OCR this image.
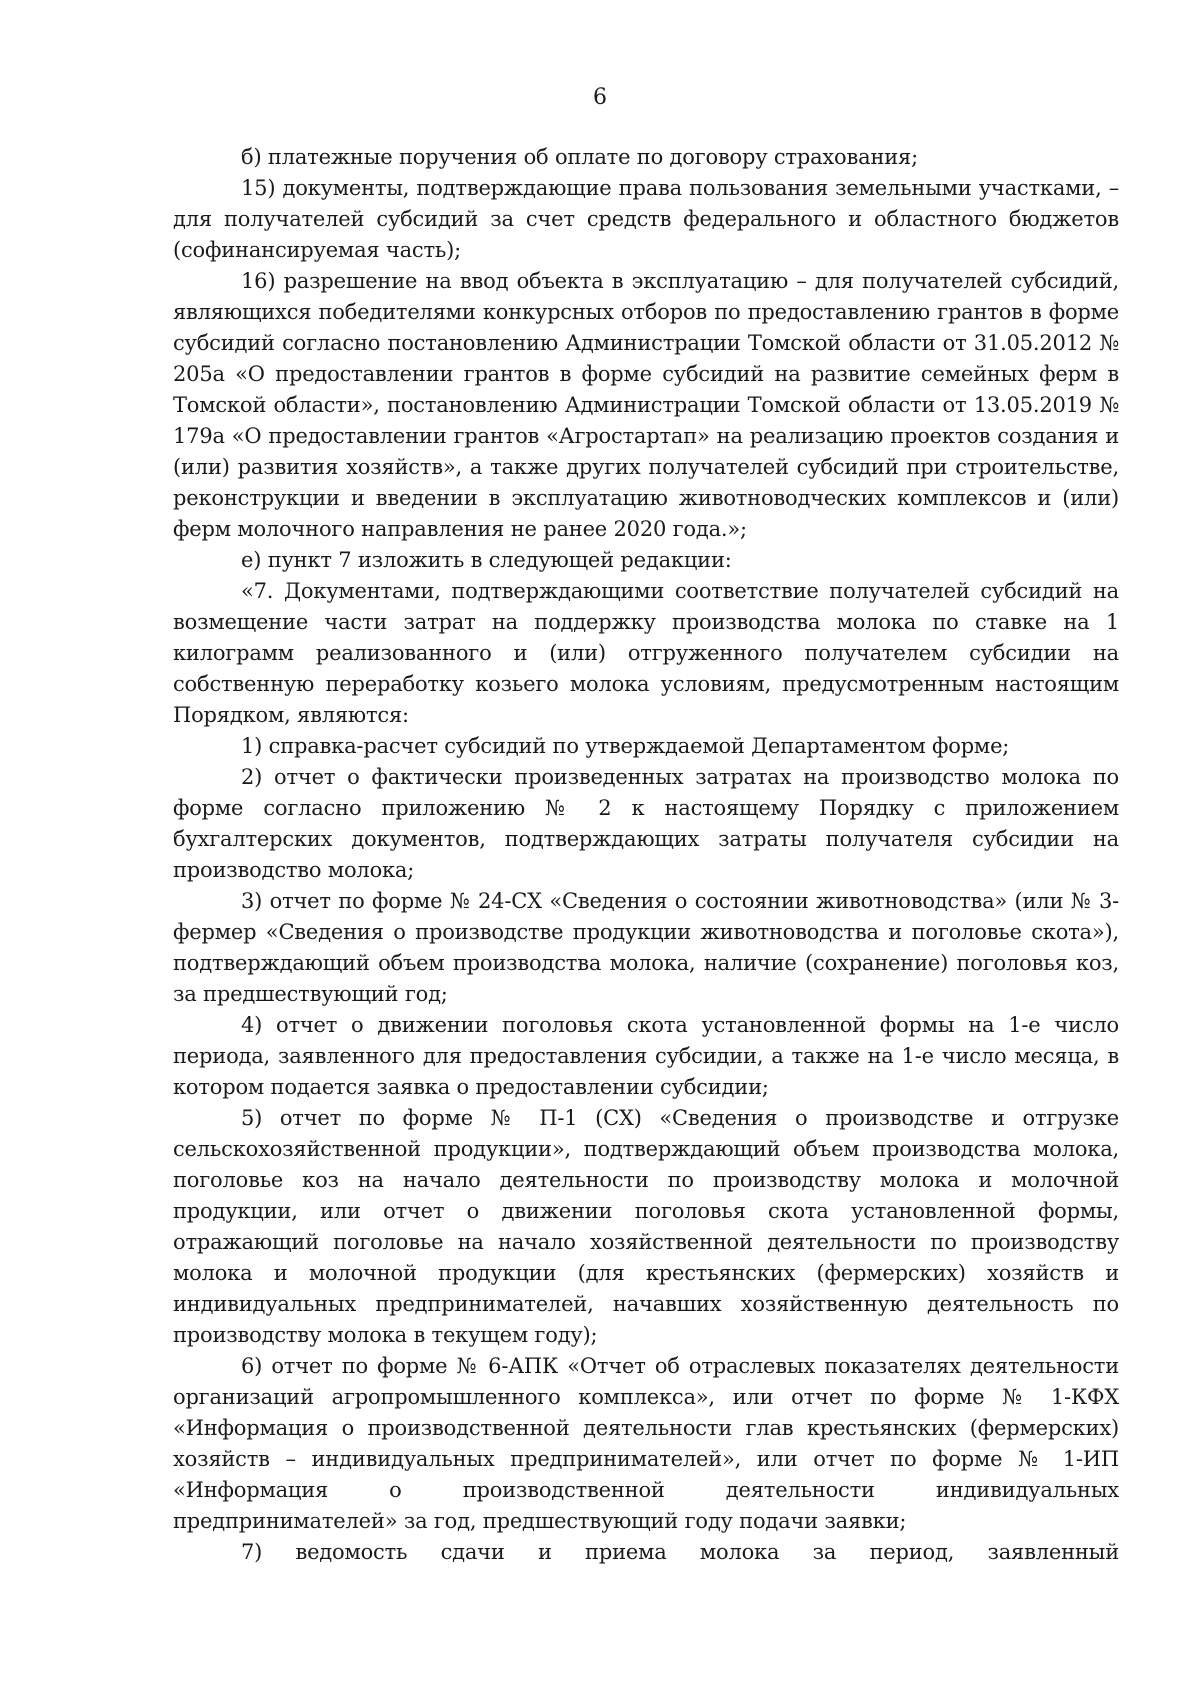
6

б) платежные поручения об оплате по договору страхования;

15) документы, подтверждающие права пользования земельными участками, – для получателей субсидий за счет средств федерального и областного бюджетов (софинансируемая часть);

16) разрешение на ввод объекта в эксплуатацию – для получателей субсидий, являющихся победителями конкурсных отборов по предоставлению грантов в форме субсидий согласно постановлению Администрации Томской области от 31.05.2012 № 205а «О предоставлении грантов в форме субсидий на развитие семейных ферм в Томской области», постановлению Администрации Томской области от 13.05.2019 № 179а «О предоставлении грантов «Агростартап» на реализацию проектов создания и (или) развития хозяйств», а также других получателей субсидий при строительстве, реконструкции и введении в эксплуатацию животноводческих комплексов и (или) ферм молочного направления не ранее 2020 года.»;

е) пункт 7 изложить в следующей редакции:

«7. Документами, подтверждающими соответствие получателей субсидий на возмещение части затрат на поддержку производства молока по ставке на 1 килограмм реализованного и (или) отгруженного получателем субсидии на собственную переработку козьего молока условиям, предусмотренным настоящим Порядком, являются:

1) справка-расчет субсидий по утверждаемой Департаментом форме;

2) отчет о фактически произведенных затратах на производство молока по форме согласно приложению № 2 к настоящему Порядку с приложением бухгалтерских документов, подтверждающих затраты получателя субсидии на производство молока;

3) отчет по форме № 24-СХ «Сведения о состоянии животноводства» (или № 3-фермер «Сведения о производстве продукции животноводства и поголовье скота»), подтверждающий объем производства молока, наличие (сохранение) поголовья коз, за предшествующий год;

4) отчет о движении поголовья скота установленной формы на 1-е число периода, заявленного для предоставления субсидии, а также на 1-е число месяца, в котором подается заявка о предоставлении субсидии;

5) отчет по форме № П-1 (СХ) «Сведения о производстве и отгрузке сельскохозяйственной продукции», подтверждающий объем производства молока, поголовье коз на начало деятельности по производству молока и молочной продукции, или отчет о движении поголовья скота установленной формы, отражающий поголовье на начало хозяйственной деятельности по производству молока и молочной продукции (для крестьянских (фермерских) хозяйств и индивидуальных предпринимателей, начавших хозяйственную деятельность по производству молока в текущем году);

6) отчет по форме № 6-АПК «Отчет об отраслевых показателях деятельности организаций агропромышленного комплекса», или отчет по форме № 1-КФХ «Информация о производственной деятельности глав крестьянских (фермерских) хозяйств – индивидуальных предпринимателей», или отчет по форме № 1-ИП «Информация о производственной деятельности индивидуальных предпринимателей» за год, предшествующий году подачи заявки;

7) ведомость сдачи и приема молока за период, заявленный
